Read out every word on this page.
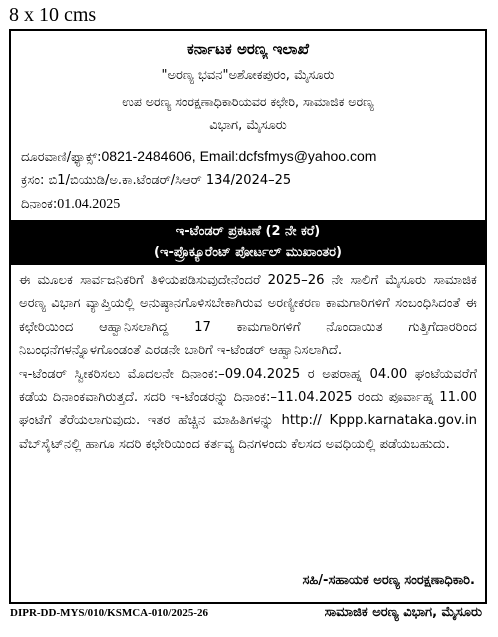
8 x 10 cms
ಕರ್ನಾಟಕ ಅರಣ್ಯ ಇಲಾಖೆ
"ಅರಣ್ಯ ಭವನ"ಅಶೋಕಪುರಂ, ಮೈಸೂರು
ಉಪ ಅರಣ್ಯ ಸಂರಕ್ಷಣಾಧಿಕಾರಿಯವರ ಕಛೇರಿ, ಸಾಮಾಜಿಕ ಅರಣ್ಯ
ವಿಭಾಗ, ಮೈಸೂರು
ದೂರವಾಣಿ/ಫ್ಯಾಕ್ಸ್:0821-2484606, Email:dcfsfmys@yahoo.com
ಕ್ರಸಂ: ಬಿ1/ಬಿಯುಡಿ/ಅ.ಕಾ.ಟೆಂಡರ್/ಸಿಆರ್ 134/2024–25
ದಿನಾಂಕ:01.04.2025
ಇ-ಟೆಂಡರ್ ಪ್ರಕಟಣೆ (2 ನೇ ಕರೆ)
(ಇ-ಪ್ರೊಕ್ಯೂರೆಂಟ್ ಪೋರ್ಟಲ್ ಮುಖಾಂತರ)

ಈ ಮೂಲಕ ಸಾರ್ವಜನಿಕರಿಗೆ ತಿಳಿಯಪಡಿಸುವುದೇನೆಂದರೆ 2025–26 ನೇ ಸಾಲಿಗೆ ಮೈಸೂರು ಸಾಮಾಜಿಕ ಅರಣ್ಯ ವಿಭಾಗ ವ್ಯಾಪ್ತಿಯಲ್ಲಿ ಅನುಷ್ಠಾನಗೊಳಿಸಬೇಕಾಗಿರುವ ಅರಣ್ಯೀಕರಣ ಕಾಮಗಾರಿಗಳಿಗೆ ಸಂಬಂಧಿಸಿದಂತೆ ಈ ಕಛೇರಿಯಿಂದ ಆಹ್ವಾನಿಸಲಾಗಿದ್ದ 17 ಕಾಮಗಾರಿಗಳಿಗೆ ನೊಂದಾಯಿತ ಗುತ್ತಿಗೆದಾರರಿಂದ ನಿಬಂಧನೆಗಳನ್ನೊಳಗೊಂಡಂತೆ ಎರಡನೇ ಬಾರಿಗೆ ಇ-ಟೆಂಡರ್ ಆಹ್ವಾನಿಸಲಾಗಿದೆ.

ಇ-ಟೆಂಡರ್ ಸ್ವೀಕರಿಸಲು ಮೊದಲನೇ ದಿನಾಂಕ:–09.04.2025 ರ ಅಪರಾಹ್ನ 04.00 ಘಂಟೆಯವರೆಗೆ ಕಡೆಯ ದಿನಾಂಕವಾಗಿರುತ್ತದೆ. ಸದರಿ ಇ-ಟೆಂಡರನ್ನು ದಿನಾಂಕ:–11.04.2025 ರಂದು ಪೂರ್ವಾಹ್ನ 11.00 ಘಂಟೆಗೆ ತೆರೆಯಲಾಗುವುದು. ಇತರ ಹೆಚ್ಚಿನ ಮಾಹಿತಿಗಳನ್ನು http:// Kppp.karnataka.gov.in ವೆಬ್‌ಸೈಟ್‌ನಲ್ಲಿ ಹಾಗೂ ಸದರಿ ಕಛೇರಿಯಿಂದ ಕರ್ತವ್ಯ ದಿನಗಳಂದು ಕೆಲಸದ ಅವಧಿಯಲ್ಲಿ ಪಡೆಯಬಹುದು.

ಸಹಿ/-ಸಹಾಯಕ ಅರಣ್ಯ ಸಂರಕ್ಷಣಾಧಿಕಾರಿ.
DIPR-DD-MYS/010/KSMCA-010/2025-26	ಸಾಮಾಜಿಕ ಅರಣ್ಯ ವಿಭಾಗ, ಮೈಸೂರು
